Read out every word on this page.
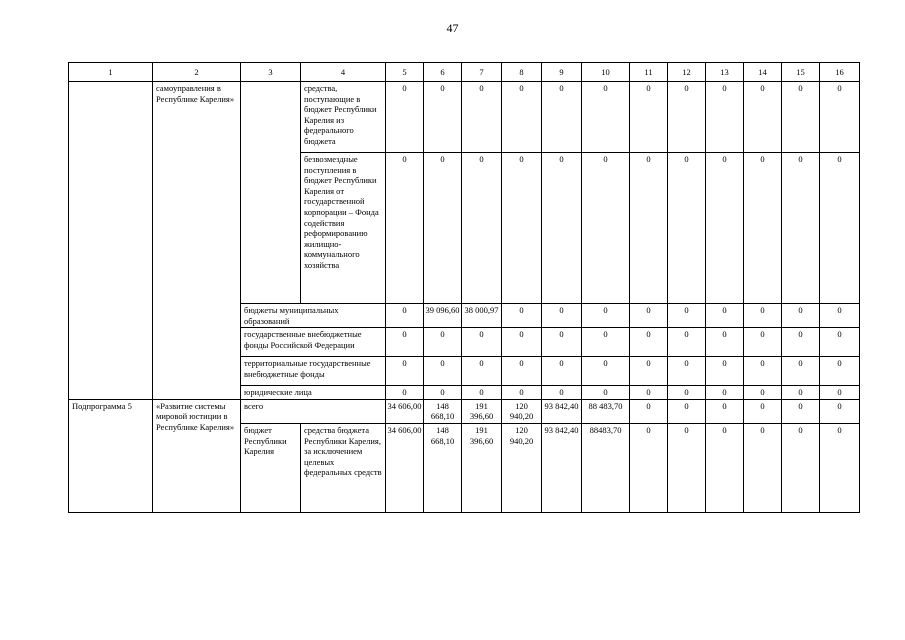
47
1	2	3	4	5	6	7	8	9	10	11	12	13	14	15	16
	самоуправления в Республике Карелия»		средства, поступающие в бюджет Республики Карелия из федерального бюджета	0	0	0	0	0	0	0	0	0	0	0	0
			безвозмездные поступления в бюджет Республики Карелия от государственной корпорации – Фонда содействия реформированию жилищно-коммунального хозяйства	0	0	0	0	0	0	0	0	0	0	0	0
		бюджеты муниципальных образований		0	39 096,60	38 000,97	0	0	0	0	0	0	0	0	0
		государственные внебюджетные фонды Российской Федерации		0	0	0	0	0	0	0	0	0	0	0	0
		территориальные государственные внебюджетные фонды		0	0	0	0	0	0	0	0	0	0	0	0
		юридические лица		0	0	0	0	0	0	0	0	0	0	0	0
Подпрограмма 5	«Развитие системы мировой юстиции в Республике Карелия»	всего		34 606,00	148 668,10	191 396,60	120 940,20	93 842,40	88 483,70	0	0	0	0	0	0
		бюджет Республики Карелия	средства бюджета Республики Карелия, за исключением целевых федеральных средств	34 606,00	148 668,10	191 396,60	120 940,20	93 842,40	88483,70	0	0	0	0	0	0
